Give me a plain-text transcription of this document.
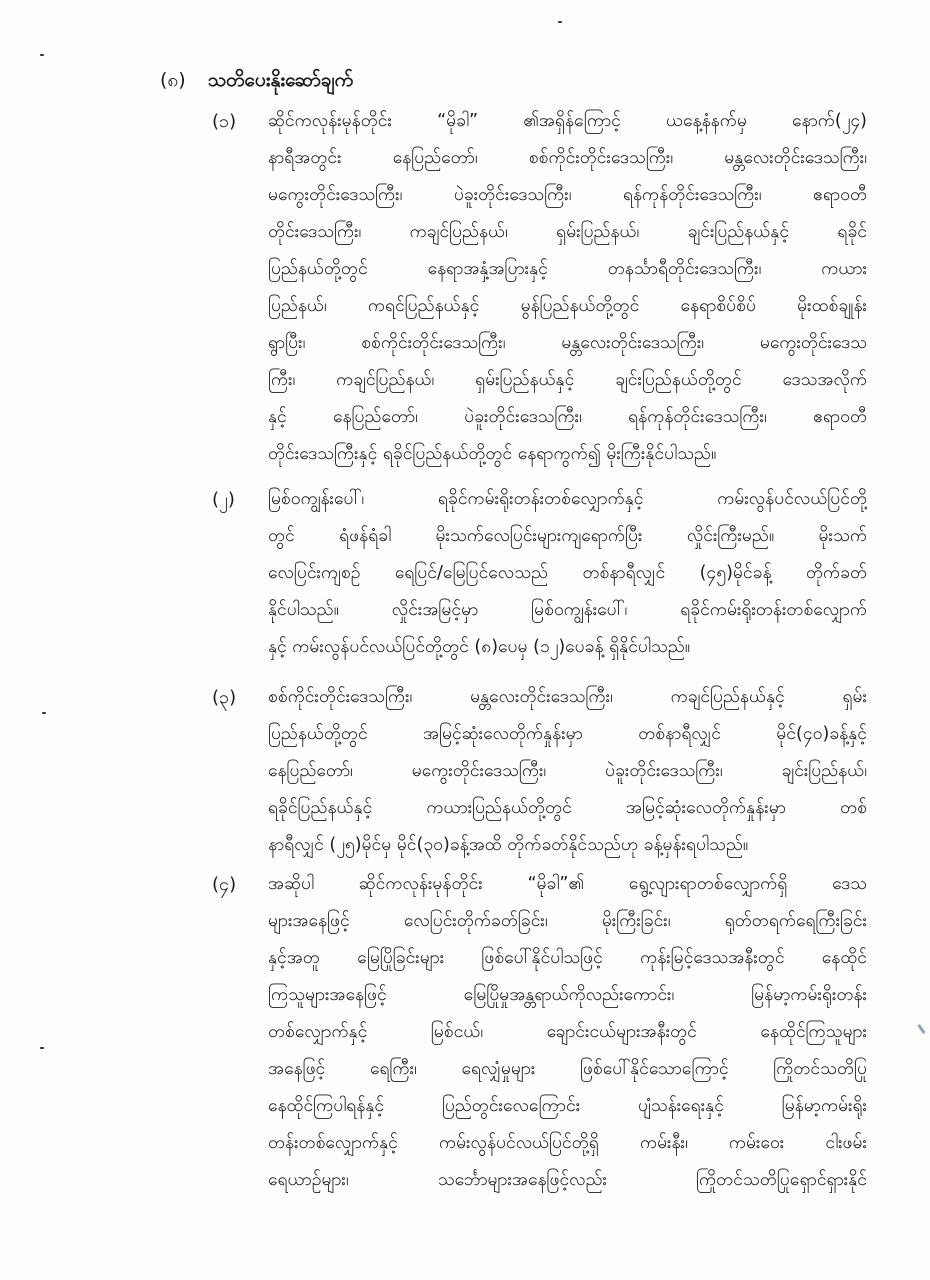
(၈) သတိပေးနိုးဆော်ချက်
(၁)	ဆိုင်ကလုန်းမုန်တိုင်း “မိုခါ” ၏အရှိန်ကြောင့် ယနေ့နံနက်မှ နောက်(၂၄)
နာရီအတွင်း နေပြည်တော်၊ စစ်ကိုင်းတိုင်းဒေသကြီး၊ မန္တလေးတိုင်းဒေသကြီး၊
မကွေးတိုင်းဒေသကြီး၊ ပဲခူးတိုင်းဒေသကြီး၊ ရန်ကုန်တိုင်းဒေသကြီး၊ ဧရာဝတီ
တိုင်းဒေသကြီး၊ ကချင်ပြည်နယ်၊ ရှမ်းပြည်နယ်၊ ချင်းပြည်နယ်နှင့် ရခိုင်
ပြည်နယ်တို့တွင် နေရာအနှံ့အပြားနှင့် တနင်္သာရီတိုင်းဒေသကြီး၊ ကယား
ပြည်နယ်၊ ကရင်ပြည်နယ်နှင့် မွန်ပြည်နယ်တို့တွင် နေရာစိပ်စိပ် မိုးထစ်ချုန်း
ရွာပြီး၊ စစ်ကိုင်းတိုင်းဒေသကြီး၊ မန္တလေးတိုင်းဒေသကြီး၊ မကွေးတိုင်းဒေသ
ကြီး၊ ကချင်ပြည်နယ်၊ ရှမ်းပြည်နယ်နှင့် ချင်းပြည်နယ်တို့တွင် ဒေသအလိုက်
နှင့် နေပြည်တော်၊ ပဲခူးတိုင်းဒေသကြီး၊ ရန်ကုန်တိုင်းဒေသကြီး၊ ဧရာဝတီ
တိုင်းဒေသကြီးနှင့် ရခိုင်ပြည်နယ်တို့တွင် နေရာကွက်၍ မိုးကြီးနိုင်ပါသည်။
(၂)	မြစ်ဝကျွန်းပေါ်၊ ရခိုင်ကမ်းရိုးတန်းတစ်လျှောက်နှင့် ကမ်းလွန်ပင်လယ်ပြင်တို့
တွင် ရံဖန်ရံခါ မိုးသက်လေပြင်းများကျရောက်ပြီး လှိုင်းကြီးမည်။ မိုးသက်
လေပြင်းကျစဉ် ရေပြင်/မြေပြင်လေသည် တစ်နာရီလျှင် (၄၅)မိုင်ခန့် တိုက်ခတ်
နိုင်ပါသည်။ လှိုင်းအမြင့်မှာ မြစ်ဝကျွန်းပေါ်၊ ရခိုင်ကမ်းရိုးတန်းတစ်လျှောက်
နှင့် ကမ်းလွန်ပင်လယ်ပြင်တို့တွင် (၈)ပေမှ (၁၂)ပေခန့် ရှိနိုင်ပါသည်။
(၃)	စစ်ကိုင်းတိုင်းဒေသကြီး၊ မန္တလေးတိုင်းဒေသကြီး၊ ကချင်ပြည်နယ်နှင့် ရှမ်း
ပြည်နယ်တို့တွင် အမြင့်ဆုံးလေတိုက်နှုန်းမှာ တစ်နာရီလျှင် မိုင်(၄၀)ခန့်နှင့်
နေပြည်တော်၊ မကွေးတိုင်းဒေသကြီး၊ ပဲခူးတိုင်းဒေသကြီး၊ ချင်းပြည်နယ်၊
ရခိုင်ပြည်နယ်နှင့် ကယားပြည်နယ်တို့တွင် အမြင့်ဆုံးလေတိုက်နှုန်းမှာ တစ်
နာရီလျှင် (၂၅)မိုင်မှ မိုင်(၃၀)ခန့်အထိ တိုက်ခတ်နိုင်သည်ဟု ခန့်မှန်းရပါသည်။
(၄)	အဆိုပါ ဆိုင်ကလုန်းမုန်တိုင်း “မိုခါ”၏ ရွေ့လျားရာတစ်လျှောက်ရှိ ဒေသ
များအနေဖြင့် လေပြင်းတိုက်ခတ်ခြင်း၊ မိုးကြီးခြင်း၊ ရုတ်တရက်ရေကြီးခြင်း
နှင့်အတူ မြေပြိုခြင်းများ ဖြစ်ပေါ်နိုင်ပါသဖြင့် ကုန်းမြင့်ဒေသအနီးတွင် နေထိုင်
ကြသူများအနေဖြင့် မြေပြိုမှုအန္တရာယ်ကိုလည်းကောင်း၊ မြန်မာ့ကမ်းရိုးတန်း
တစ်လျှောက်နှင့် မြစ်ငယ်၊ ချောင်းငယ်များအနီးတွင် နေထိုင်ကြသူများ
အနေဖြင့် ရေကြီး၊ ရေလျှံမှုများ ဖြစ်ပေါ်နိုင်သောကြောင့် ကြိုတင်သတိပြု
နေထိုင်ကြပါရန်နှင့် ပြည်တွင်းလေကြောင်း ပျံသန်းရေးနှင့် မြန်မာ့ကမ်းရိုး
တန်းတစ်လျှောက်နှင့် ကမ်းလွန်ပင်လယ်ပြင်တို့ရှိ ကမ်းနီး၊ ကမ်းဝေး ငါးဖမ်း
ရေယာဉ်များ၊ သင်္ဘောများအနေဖြင့်လည်း ကြိုတင်သတိပြုရှောင်ရှားနိုင်
